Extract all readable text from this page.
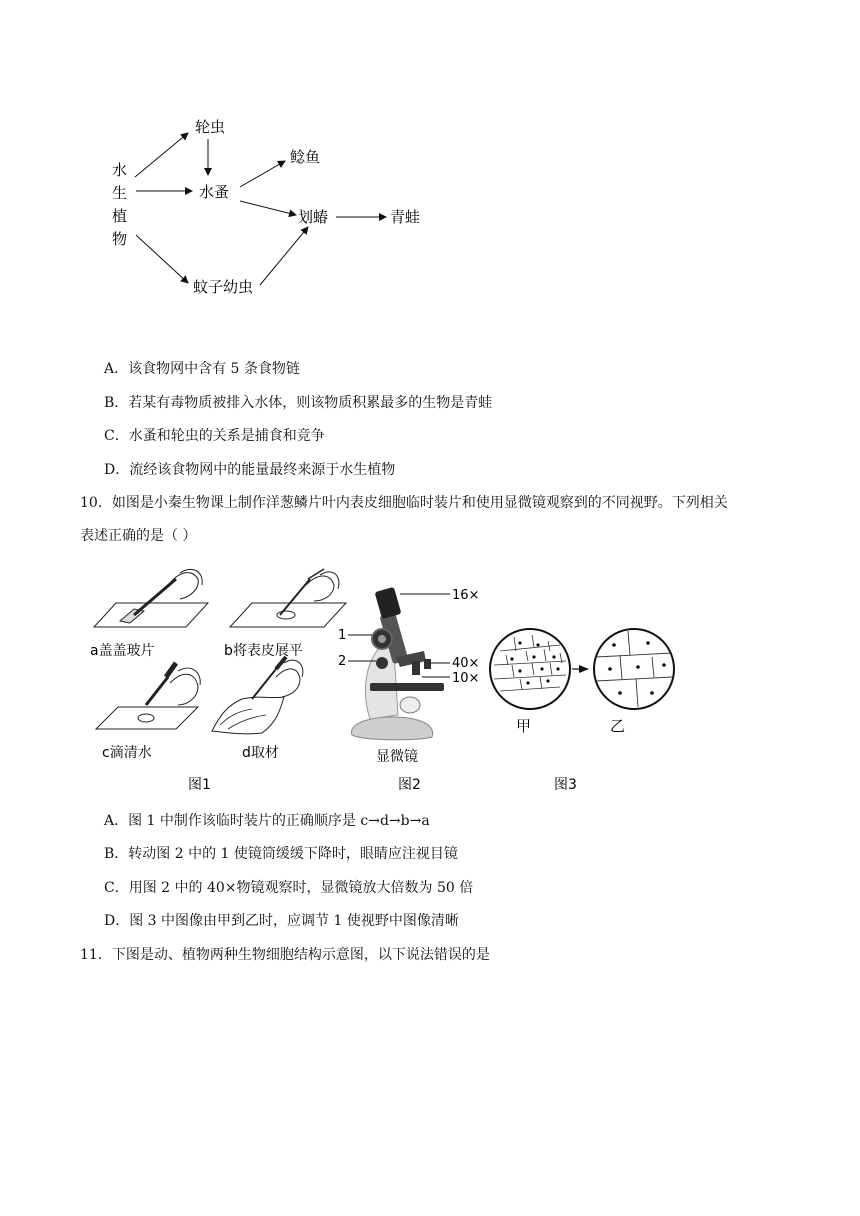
水
生
植
物
轮虫
水蚤
鲶鱼
划蝽	青蛙
蚊子幼虫
A．该食物网中含有 5 条食物链
B．若某有毒物质被排入水体，则该物质积累最多的生物是青蛙
C．水蚤和轮虫的关系是捕食和竞争
D．流经该食物网中的能量最终来源于水生植物
10．如图是小秦生物课上制作洋葱鳞片叶内表皮细胞临时装片和使用显微镜观察到的不同视野。下列相关
表述正确的是（ ）
a盖盖玻片	b将表皮展平
c滴清水	d取材
图1
16×
1
2	40×
10×
显微镜
图2
甲	乙
图3
A．图 1 中制作该临时装片的正确顺序是 c→d→b→a
B．转动图 2 中的 1 使镜筒缓缓下降时，眼睛应注视目镜
C．用图 2 中的 40×物镜观察时，显微镜放大倍数为 50 倍
D．图 3 中图像由甲到乙时，应调节 1 使视野中图像清晰
11．下图是动、植物两种生物细胞结构示意图，以下说法错误的是
